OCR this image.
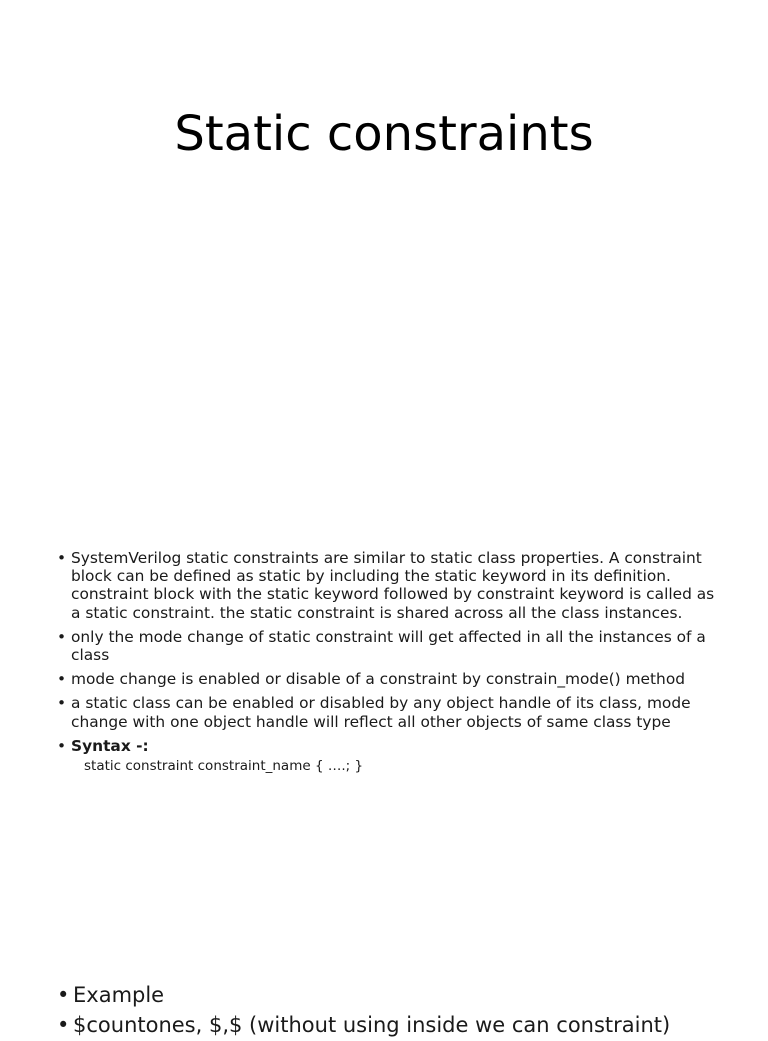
Static constraints
• SystemVerilog static constraints are similar to static class properties. A constraint block can be defined as static by including the static keyword in its definition. constraint block with the static keyword followed by constraint keyword is called as a static constraint. the static constraint is shared across all the class instances.
• only the mode change of static constraint will get affected in all the instances of a class
• mode change is enabled or disable of a constraint by constrain_mode() method
• a static class can be enabled or disabled by any object handle of its class, mode change with one object handle will reflect all other objects of same class type
• Syntax -:
static constraint constraint_name { ….; }
• Example
• $countones, $,$ (without using inside we can constraint)
